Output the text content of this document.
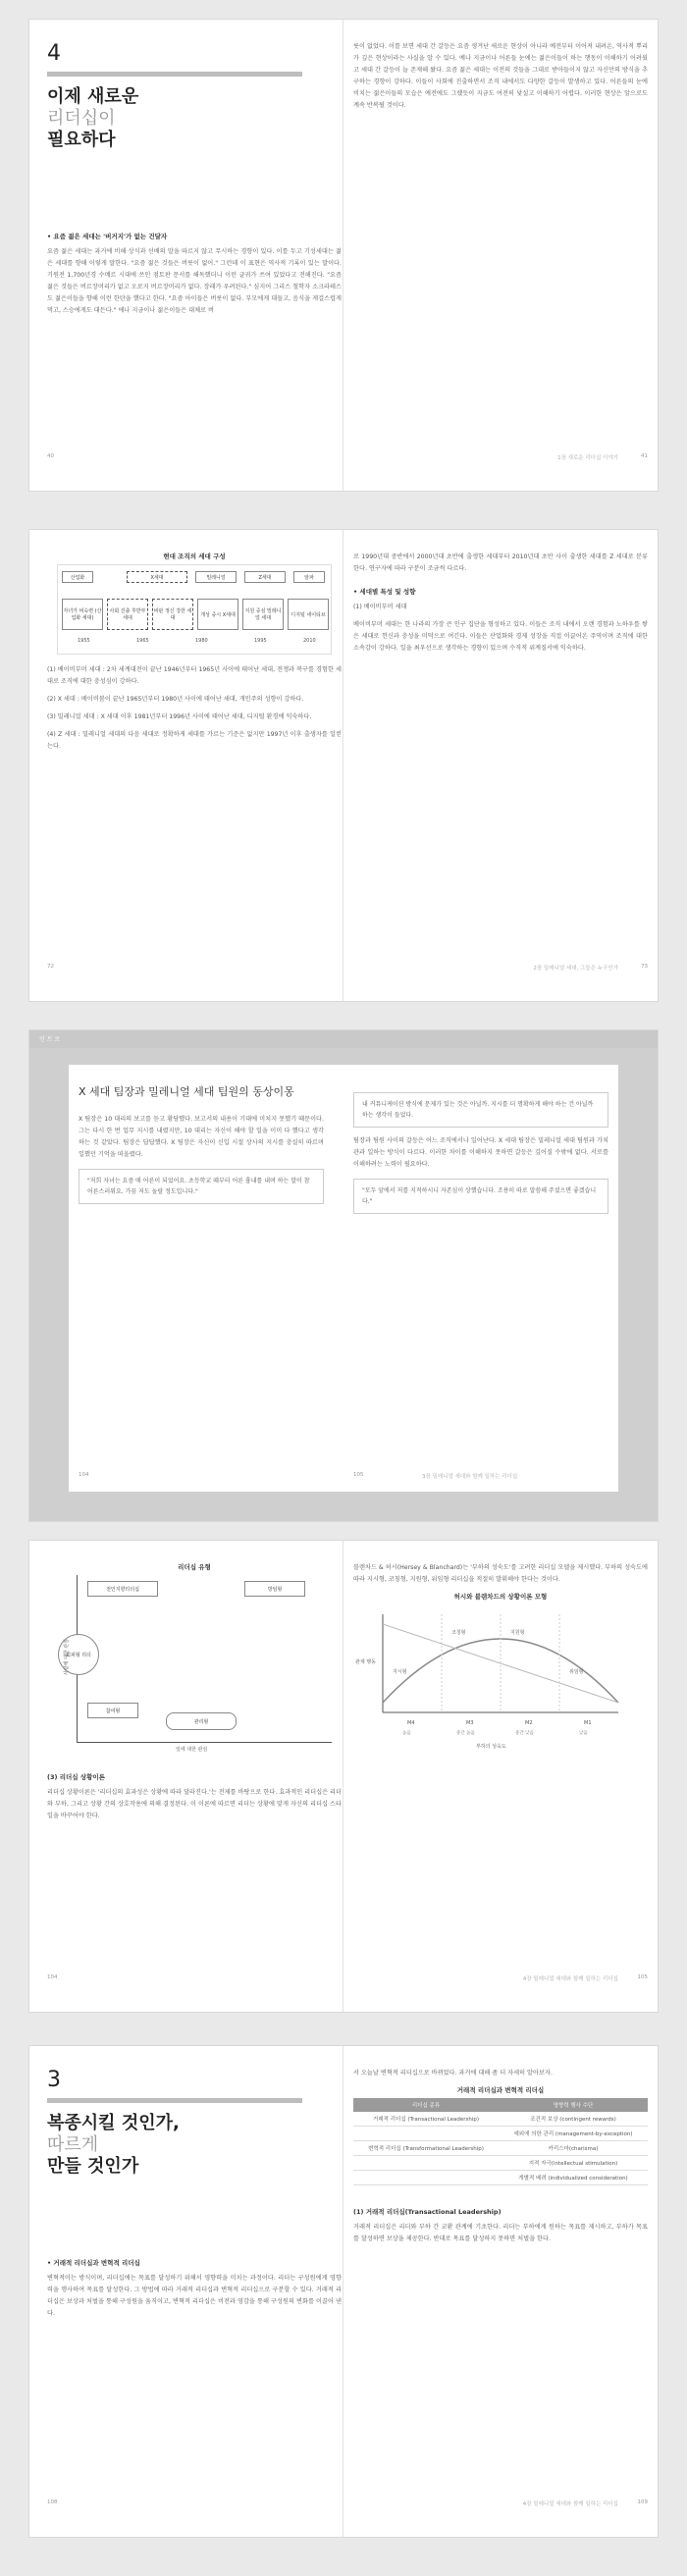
4
이제 새로운
리더십이
필요하다
• 요즘 젊은 세대는 '버거지'가 없는 건달자

요즘 젊은 세대는 과거에 비해 상식과 선배의 말을 따르지 않고 무시하는 경향이 있다. 이를 두고 기성세대는 젊은 세대를 향해 이렇게 말한다. "요즘 젊은 것들은 버릇이 없어." 그런데 이 표현은 역사적 기록이 있는 말이다. 기원전 1,700년경 수메르 시대에 쓰인 점토판 문서를 해독했더니 이런 글귀가 쓰여 있었다고 전해진다. "요즘 젊은 것들은 버르장머리가 없고 오로지 버르장머리가 없다. 장래가 우려된다." 심지어 그리스 철학자 소크라테스도 젊은이들을 향해 이런 한탄을 했다고 한다. "요즘 아이들은 버릇이 없다. 부모에게 대들고, 음식을 게걸스럽게 먹고, 스승에게도 대든다." 에나 지금이나 젊은이들은 대체로 버

40

릇이 없었다. 이를 보면 세대 간 갈등은 요즘 생겨난 새로운 현상이 아니라 예전부터 이어져 내려온, 역사적 뿌리가 깊은 현상이라는 사실을 알 수 있다. 예나 지금이나 어른들 눈에는 젊은이들이 하는 행동이 이해하기 어려웠고 세대 간 갈등이 늘 존재해 왔다. 요즘 젊은 세대는 이전의 것들을 그대로 받아들이지 않고 자신만의 방식을 추구하는 경향이 강하다. 이들이 사회에 진출하면서 조직 내에서도 다양한 갈등이 발생하고 있다. 어른들의 눈에 비치는 젊은이들의 모습은 예전에도 그랬듯이 지금도 여전히 낯설고 이해하기 어렵다. 이러한 현상은 앞으로도 계속 반복될 것이다.

1장 새로운 리더십 이야기	41
현대 조직의 세대 구성
산업화	X세대	밀레니얼	Z세대	알파
자녀가 비숙련 (산업화 세대)
사회 진출 후반부 세대
비판 정신 강한 세대
개성 중시 X세대
지원 중심 밀레니얼 세대
디지털 네이티브
1955	1965	1980	1995	2010

(1) 베이비부머 세대 : 2차 세계대전이 끝난 1946년부터 1965년 사이에 태어난 세대, 전쟁과 복구를 경험한 세대로 조직에 대한 충성심이 강하다.

(2) X 세대 : 베이비붐이 끝난 1965년부터 1980년 사이에 태어난 세대, 개인주의 성향이 강하다.

(3) 밀레니얼 세대 : X 세대 이후 1981년부터 1996년 사이에 태어난 세대, 디지털 환경에 익숙하다.

(4) Z 세대 : 밀레니얼 세대의 다음 세대로 정확하게 세대를 가르는 기준은 없지만 1997년 이후 출생자를 일컫는다.

72

로 1990년대 중반에서 2000년대 초반에 출생한 세대부터 2010년대 초반 사이 출생한 세대를 Z 세대로 분류한다. 연구자에 따라 구분이 조금씩 다르다.

• 세대별 특성 및 성향
(1) 베이비부머 세대

베이비부머 세대는 한 나라의 가장 큰 인구 집단을 형성하고 있다. 이들은 조직 내에서 오랜 경험과 노하우를 쌓은 세대로 헌신과 충성을 미덕으로 여긴다. 이들은 산업화와 경제 성장을 직접 이끌어온 주역이며 조직에 대한 소속감이 강하다. 일을 최우선으로 생각하는 경향이 있으며 수직적 위계질서에 익숙하다.

2장 밀레니얼 세대, 그들은 누구인가	73
인 트 로
X 세대 팀장과 밀레니얼 세대 팀원의 동상이몽

X 팀장은 10 대리의 보고를 듣고 황당했다. 보고서의 내용이 기대에 미치지 못했기 때문이다. 그는 다시 한 번 업무 지시를 내렸지만, 10 대리는 자신이 해야 할 일을 이미 다 했다고 생각하는 것 같았다. 팀장은 답답했다. X 팀장은 자신이 신입 시절 상사의 지시를 충실히 따르며 일했던 기억을 떠올렸다.

"저희 자녀는 요즘 애 어른이 되었어요. 초등학교 때부터 어른 흉내를 내며 하는 말이 참 어른스러워요. 가끔 저도 놀랄 정도입니다."
내 커뮤니케이션 방식에 문제가 있는 것은 아닐까. 지시를 더 명확하게 해야 하는 건 아닐까 하는 생각이 들었다.

팀장과 팀원 사이의 갈등은 어느 조직에서나 일어난다. X 세대 팀장은 밀레니얼 세대 팀원과 가치관과 일하는 방식이 다르다. 이러한 차이를 이해하지 못하면 갈등은 깊어질 수밖에 없다. 서로를 이해하려는 노력이 필요하다.

"모두 앞에서 저를 지적하시니 자존심이 상했습니다. 조용히 따로 말씀해 주셨으면 좋겠습니다."
104	105	3장 밀레니얼 세대와 함께 일하는 리더십
리더십 유형
전인지향리더십	방임형
회피형 리더
참여형
관리형
사람에 대한 관심
일에 대한 관심
(3) 리더십 상황이론

리더십 상황이론은 '리더십의 효과성은 상황에 따라 달라진다.'는 전제를 바탕으로 한다. 효과적인 리더십은 리더와 부하, 그리고 상황 간의 상호작용에 의해 결정된다. 이 이론에 따르면 리더는 상황에 맞게 자신의 리더십 스타일을 바꾸어야 한다.

104

블랜차드 & 허시(Hersey & Blanchard)는 '부하의 성숙도'를 고려한 리더십 모델을 제시했다. 부하의 성숙도에 따라 지시형, 코칭형, 지원형, 위임형 리더십을 적절히 발휘해야 한다는 것이다.

허시와 블랜차드의 상황이론 모형
코칭형	지원형
지시형	위임형
M4	M3	M2	M1
높음	중간 높음	중간 낮음	낮음
부하의 성숙도
관계 행동
4장 밀레니얼 세대와 함께 일하는 리더십	105
3
복종시킬 것인가,
따르게
만들 것인가
• 거래적 리더십과 변혁적 리더십

변혁적이는 방식이며, 리더십에는 목표를 달성하기 위해서 영향력을 미치는 과정이다. 리더는 구성원에게 영향력을 행사하여 목표를 달성한다. 그 방법에 따라 거래적 리더십과 변혁적 리더십으로 구분할 수 있다. 거래적 리더십은 보상과 처벌을 통해 구성원을 움직이고, 변혁적 리더십은 비전과 영감을 통해 구성원의 변화를 이끌어 낸다.

108

서 오늘날 변혁적 리더십으로 바뀌었다. 과거에 대해 좀 더 자세히 알아보자.

거래적 리더십과 변혁적 리더십
리더십 종류	영향력 행사 수단
거래적 리더십 (Transactional Leadership)	조건적 보상 (contingent rewards)
	예외에 의한 관리 (management-by-exception)
변혁적 리더십 (Transformational Leadership)	카리스마(charisma)
	지적 자극(intellectual stimulation)
	개별적 배려 (individualized consideration)
(1) 거래적 리더십(Transactional Leadership)

거래적 리더십은 리더와 부하 간 교환 관계에 기초한다. 리더는 부하에게 원하는 목표를 제시하고, 부하가 목표를 달성하면 보상을 제공한다. 반대로 목표를 달성하지 못하면 처벌을 한다.

4장 밀레니얼 세대와 함께 일하는 리더십	109
